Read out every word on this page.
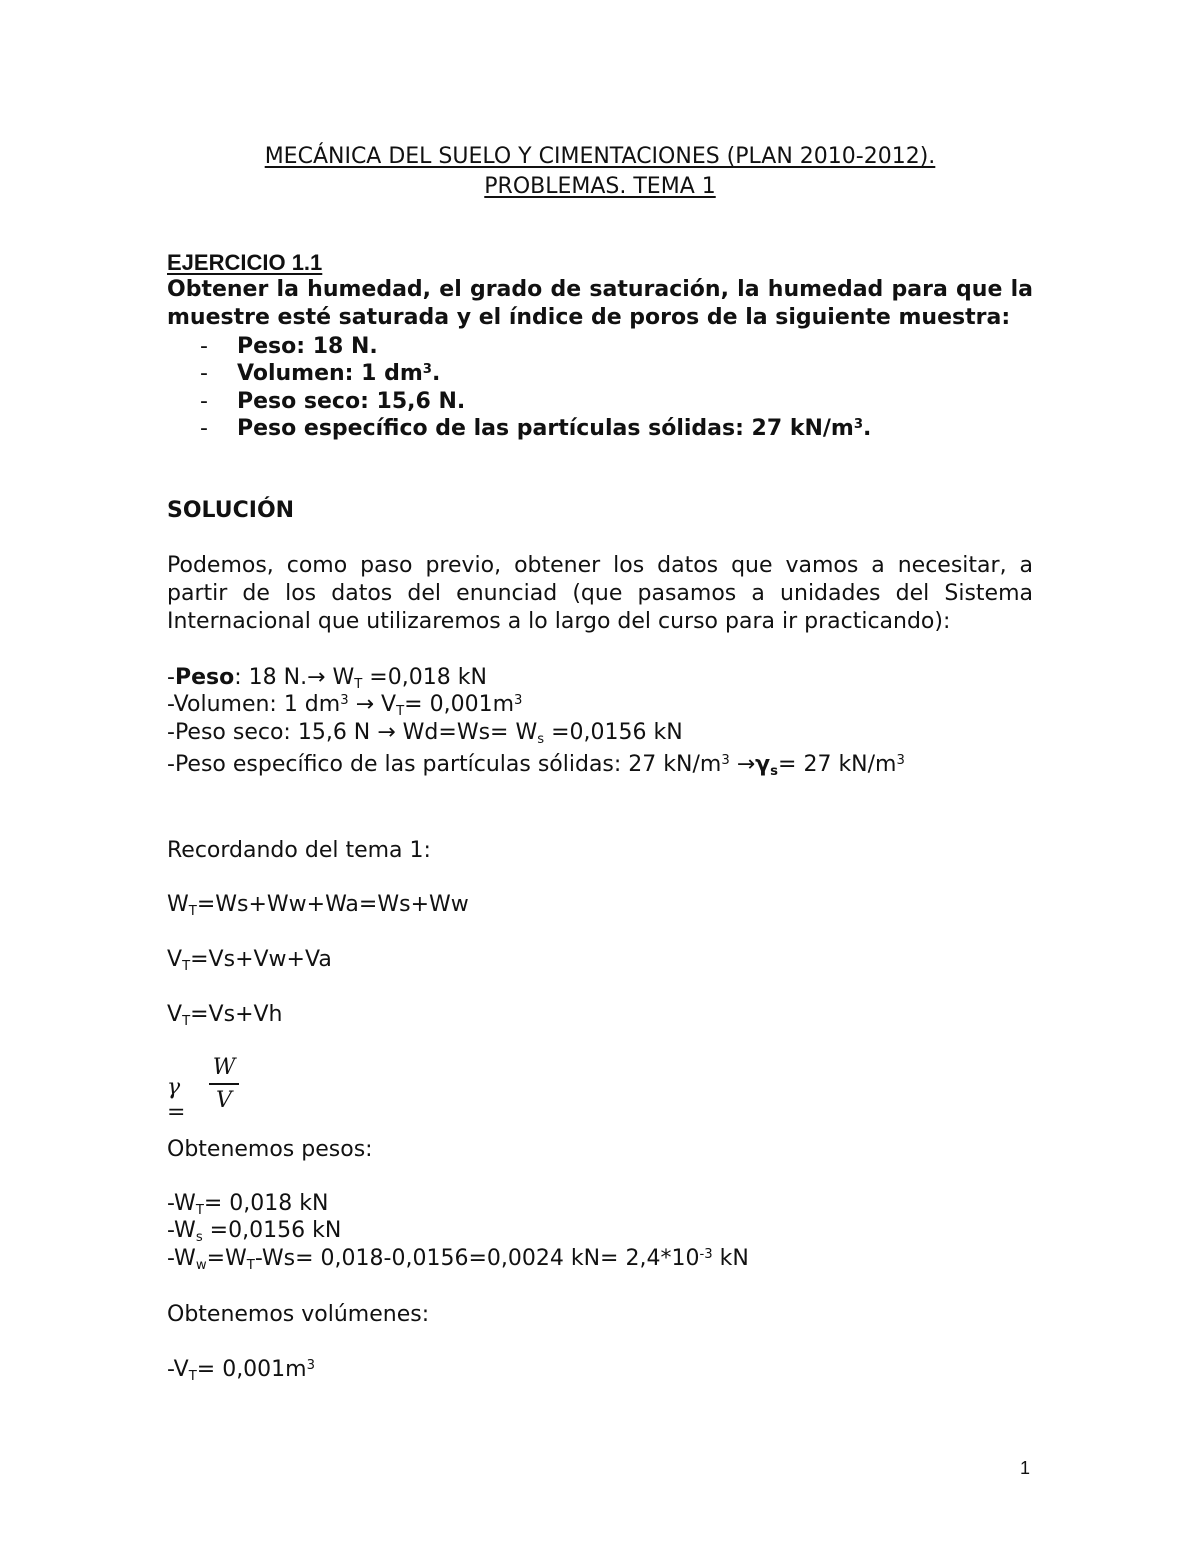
MECÁNICA DEL SUELO Y CIMENTACIONES (PLAN 2010-2012).
PROBLEMAS. TEMA 1
EJERCICIO 1.1
Obtener la humedad, el grado de saturación, la humedad para que la muestre esté saturada y el índice de poros de la siguiente muestra:
- Peso: 18 N.
- Volumen: 1 $dm^3$.
- Peso seco: 15,6 N.
- Peso específico de las partículas sólidas: 27 $kN/m^3$.
SOLUCIÓN
Podemos, como paso previo, obtener los datos que vamos a necesitar, a partir de los datos del enunciad (que pasamos a unidades del Sistema Internacional que utilizaremos a lo largo del curso para ir practicando):
-Peso: 18 $N.\to W_T =0,018$ kN
-Volumen: 1 $dm^3 \to V_T= 0,001m^3$
-Peso seco: 15,6 $N \to Wd=Ws= W_s =0,0156$ kN
-Peso específico de las partículas sólidas: 27 $kN/m^3 \to\gamma_s= 27$ $kN/m^3$
Recordando del tema 1:
$W_T=Ws+Ww+Wa=Ws+Ww$
$V_T=Vs+Vw+Va$
$V_T=Vs+Vh$
γ =
W
V
Obtenemos pesos:
$-W_T= 0,018$ kN
$-W_s =0,0156$ kN
$-W_w=W_T-Ws= 0,018-0,0156=0,0024$ $kN= 2,4*10^{-3}$ kN
Obtenemos volúmenes:
$-V_T= 0,001m^3$
1
